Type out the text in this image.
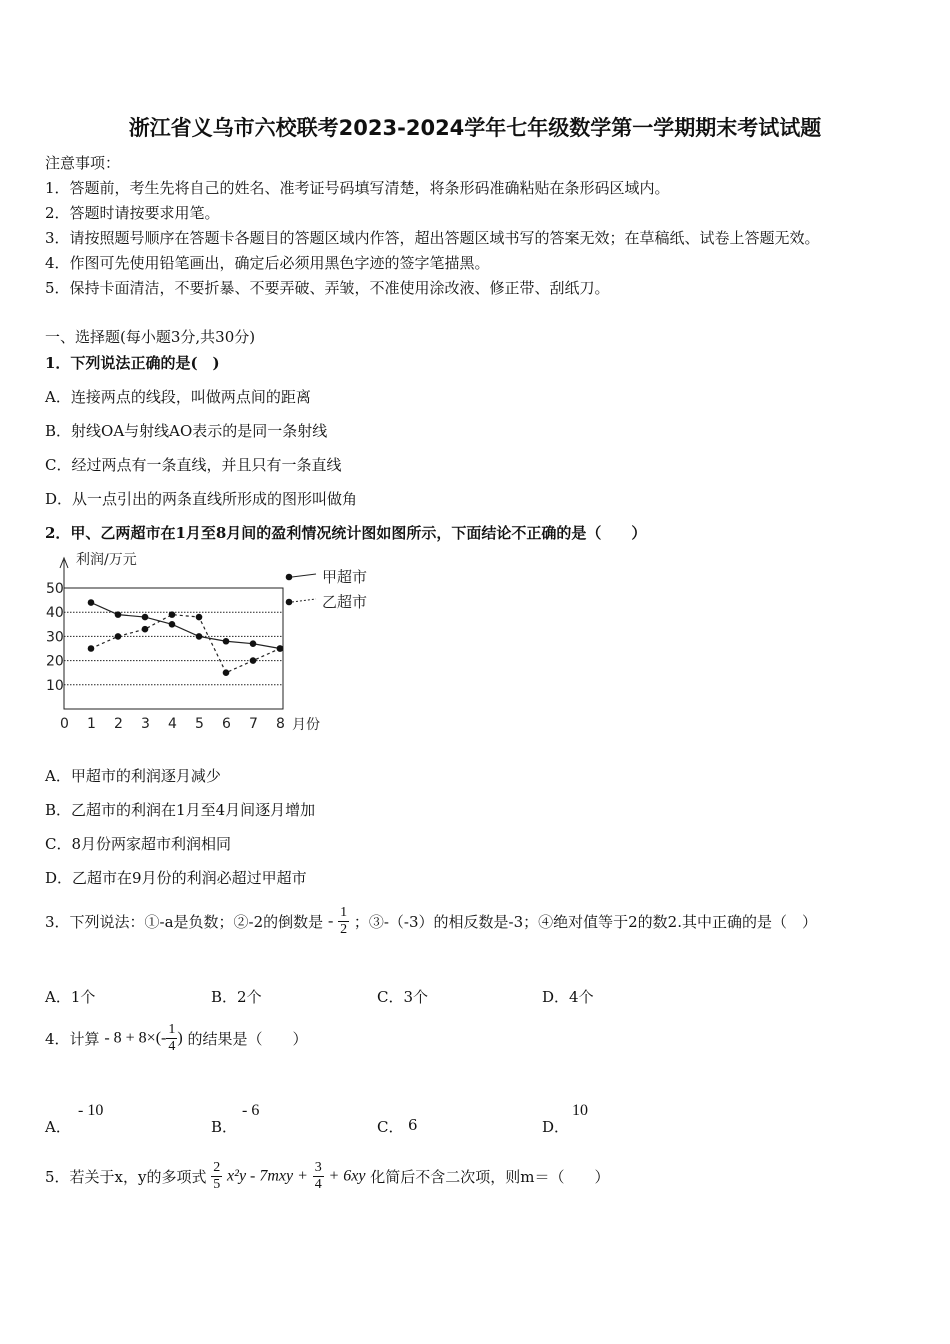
浙江省义乌市六校联考2023-2024学年七年级数学第一学期期末考试试题
注意事项：
1．答题前，考生先将自己的姓名、准考证号码填写清楚，将条形码准确粘贴在条形码区域内。
2．答题时请按要求用笔。
3．请按照题号顺序在答题卡各题目的答题区域内作答，超出答题区域书写的答案无效；在草稿纸、试卷上答题无效。
4．作图可先使用铅笔画出，确定后必须用黑色字迹的签字笔描黑。
5．保持卡面清洁，不要折暴、不要弄破、弄皱，不准使用涂改液、修正带、刮纸刀。
一、选择题(每小题3分,共30分)
1．下列说法正确的是(　)
A．连接两点的线段，叫做两点间的距离
B．射线OA与射线AO表示的是同一条射线
C．经过两点有一条直线，并且只有一条直线
D．从一点引出的两条直线所形成的图形叫做角
2．甲、乙两超市在1月至8月间的盈利情况统计图如图所示，下面结论不正确的是（　　）
10
20
30
40
50
0 1 2 3 4 5 6 7 8 月份
利润/万元
甲超市
乙超市
A．甲超市的利润逐月减少
B．乙超市的利润在1月至4月间逐月增加
C．8月份两家超市利润相同
D．乙超市在9月份的利润必超过甲超市
3．下列说法：①-a是负数；②-2的倒数是 - $\frac{1}{2}$ ；③-（-3）的相反数是-3；④绝对值等于2的数2.其中正确的是（　）
A．1个	B．2个	C．3个	D．4个
4．计算 - $8 + 8\times(- \frac{1}{4}$ ) 的结果是（　　）
A．
- 10
B．
- 6
C． 6	D．
10
5．若关于x，y的多项式 $\frac{2}{5} x^2y - 7mxy + \frac{3}{4} + 6xy$ 化简后不含二次项，则m＝（　　）
